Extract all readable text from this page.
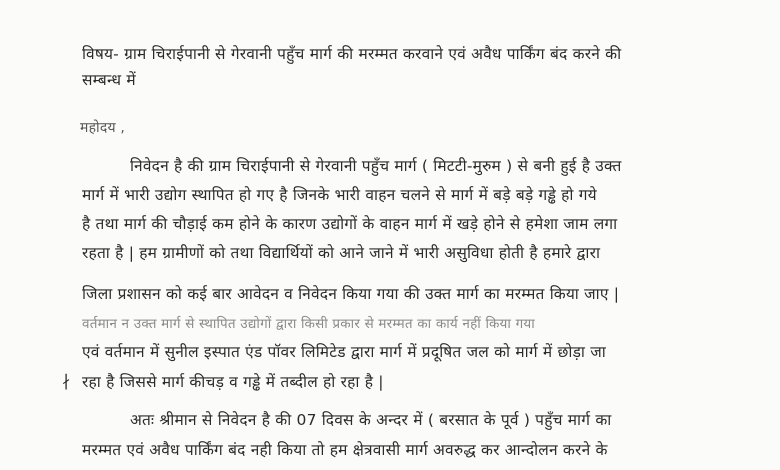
विषय- ग्राम चिराईपानी से गेरवानी पहुँच मार्ग की मरम्मत करवाने एवं अवैध पार्किंग बंद करने की
सम्बन्ध में
महोदय ,
निवेदन है की ग्राम चिराईपानी से गेरवानी पहुँच मार्ग ( मिटटी-मुरुम ) से बनी हुई है उक्त
मार्ग में भारी उद्योग स्थापित हो गए है जिनके भारी वाहन चलने से मार्ग में बड़े बड़े गड्ढे हो गये
है तथा मार्ग की चौड़ाई कम होने के कारण उद्योगों के वाहन मार्ग में खड़े होने से हमेशा जाम लगा
रहता है | हम ग्रामीणों को तथा विद्यार्थियों को आने जाने में भारी असुविधा होती है हमारे द्वारा
जिला प्रशासन को कई बार आवेदन व निवेदन किया गया की उक्त मार्ग का मरम्मत किया जाए |
वर्तमान न उक्त मार्ग से स्थापित उद्योगों द्वारा किसी प्रकार से मरम्मत का कार्य नहीं किया गया
एवं वर्तमान में सुनील इस्पात एंड पॉवर लिमिटेड द्वारा मार्ग में प्रदूषित जल को मार्ग में छोड़ा जा
∤ रहा है जिससे मार्ग कीचड़ व गड्ढे में तब्दील हो रहा है |
अतः श्रीमान से निवेदन है की 07 दिवस के अन्दर में ( बरसात के पूर्व ) पहुँच मार्ग का
मरम्मत एवं अवैध पार्किंग बंद नही किया तो हम क्षेत्रवासी मार्ग अवरुद्ध कर आन्दोलन करने के
